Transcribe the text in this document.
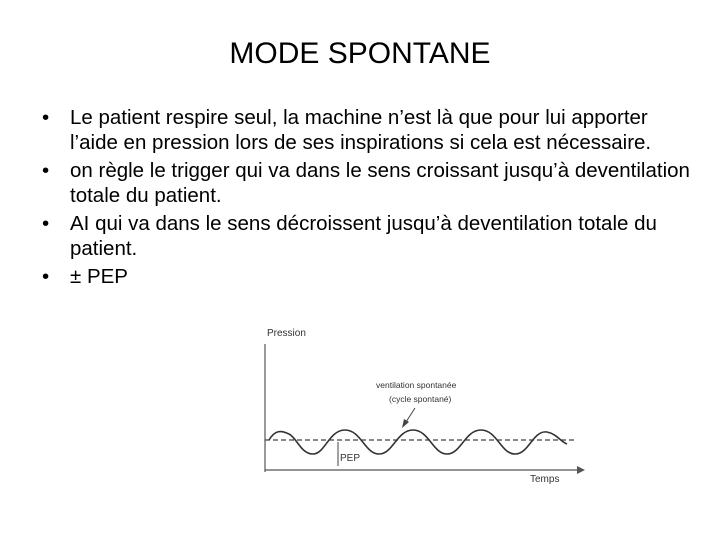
MODE SPONTANE
•	Le patient respire seul, la machine n’est là que pour lui apporter l’aide en pression lors de ses inspirations si cela est nécessaire.
•	on règle le trigger qui va dans le sens croissant jusqu’à deventilation totale du patient.
•	AI qui va dans le sens décroissent jusqu’à deventilation totale du patient.
•	± PEP
Pression
Temps
PEP
ventilation spontanée
(cycle spontané)
